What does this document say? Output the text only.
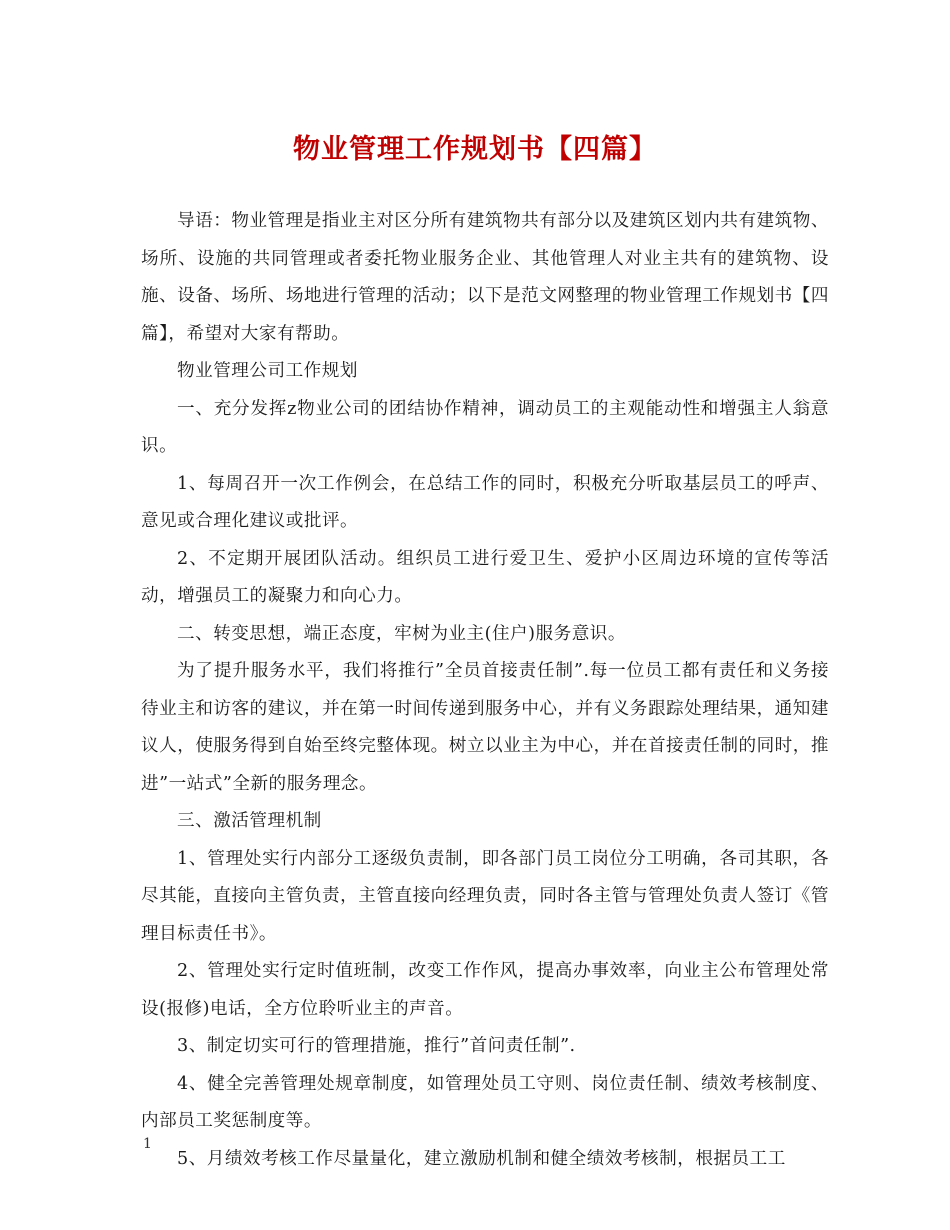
物业管理工作规划书【四篇】

导语：物业管理是指业主对区分所有建筑物共有部分以及建筑区划内共有建筑物、场所、设施的共同管理或者委托物业服务企业、其他管理人对业主共有的建筑物、设施、设备、场所、场地进行管理的活动；以下是范文网整理的物业管理工作规划书【四篇】，希望对大家有帮助。

物业管理公司工作规划

一、充分发挥z物业公司的团结协作精神，调动员工的主观能动性和增强主人翁意识。

1、每周召开一次工作例会，在总结工作的同时，积极充分听取基层员工的呼声、意见或合理化建议或批评。

2、不定期开展团队活动。组织员工进行爱卫生、爱护小区周边环境的宣传等活动，增强员工的凝聚力和向心力。

二、转变思想，端正态度，牢树为业主(住户)服务意识。

为了提升服务水平，我们将推行”全员首接责任制”.每一位员工都有责任和义务接待业主和访客的建议，并在第一时间传递到服务中心，并有义务跟踪处理结果，通知建议人，使服务得到自始至终完整体现。树立以业主为中心，并在首接责任制的同时，推进”一站式”全新的服务理念。

三、激活管理机制

1、管理处实行内部分工逐级负责制，即各部门员工岗位分工明确，各司其职，各尽其能，直接向主管负责，主管直接向经理负责，同时各主管与管理处负责人签订《管理目标责任书》。

2、管理处实行定时值班制，改变工作作风，提高办事效率，向业主公布管理处常设(报修)电话，全方位聆听业主的声音。

3、制定切实可行的管理措施，推行”首问责任制”.

4、健全完善管理处规章制度，如管理处员工守则、岗位责任制、绩效考核制度、内部员工奖惩制度等。

5、月绩效考核工作尽量量化，建立激励机制和健全绩效考核制，根据员工工

1
